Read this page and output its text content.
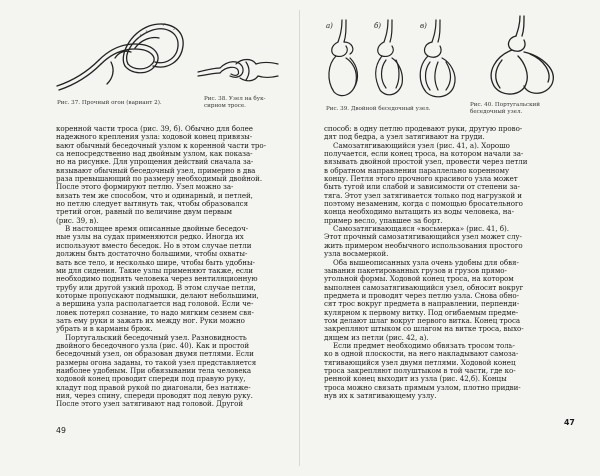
Рис. 37. Прочный огон (вариант 2).
Рис. 38. Узел на бук-сирном тросе.
коренной части троса (рис. 39, б). Обычно для более
надежного крепления узла: ходовой конец привязы-
вают обычный беседочный узлом к коренной части тро-
са непосредственно над двойным узлом, как показа-
но на рисунке. Для упрощения действий сначала за-
вязывают обычный беседочный узел, примерно в два
раза превышающий по размеру необходимый двойной.
После этого формируют петлю. Узел можно за-
вязать тем же способом, что и одинарный, и петлей,
но петлю следует вытянуть так, чтобы образовался
третий огон, равный по величине двум первым
(рис. 39, в).
В настоящее время описанные двойные беседоч-
ные узлы на судах применяются редко. Иногда их
используют вместо беседок. Но в этом случае петли
должны быть достаточно большими, чтобы охваты-
вать все тело, и несколько шире, чтобы быть удобны-
ми для сидения. Такие узлы применяют также, если
необходимо поднять человека через вентиляционную
трубу или другой узкий проход. В этом случае петли,
которые пропускают подмышки, делают небольшими,
а вершина узла располагается над головой. Если че-
ловек потерял сознание, то надо мягким сезнем свя-
зать ему руки и зажать их между ног. Руки можно
убрать и в карманы брюк.
Португальский беседочный узел. Разновидность
двойного беседочного узла (рис. 40). Как и простой
беседочный узел, он образован двумя петлями. Если
размеры огона заданы, то такой узел представляется
наиболее удобным. При обвязывании тела человека
ходовой конец проводит спереди под правую руку,
кладут под правой рукой по диагонали, без натяже-
ния, через спину, спереди проводят под левую руку.
После этого узел затягивают над головой. Другой
49
а)	б)	в)
Рис. 39. Двойной беседочный узел.
Рис. 40. Португальский беседочный узел.
способ: в одну петлю продевают руки, другую прово-
дят под бедра, а узел затягивают на груди.
Самозатягивающийся узел (рис. 41, а). Хорошо
получается, если конец троса, на котором начали за-
вязывать двойной простой узел, провести через петли
в обратном направлении параллельно коренному
концу. Петля этого прочного красивого узла может
быть тугой или слабой и зависимости от степени за-
тяга. Этот узел затягивается только под нагрузкой и
поэтому незаменим, когда с помощью бросательного
конца необходимо вытащить из воды человека, на-
пример весло, упавшее за борт.
Самозатягивающаяся «восьмерка» (рис. 41, б).
Этот прочный самозатягивающийся узел может слу-
жить примером необычного использования простого
узла восьмеркой.
Оба вышеописанных узла очень удобны для обвя-
зывания пакетированных грузов и грузов прямо-
угольной формы. Ходовой конец троса, на котором
выполнен самозатягивающийся узел, обносят вокруг
предмета и проводят через петлю узла. Снова обно-
сят трос вокруг предмета в направлении, перпенди-
кулярном к первому витку. Под огибаемым предме-
том делают шлаг вокруг первого витка. Конец троса
закрепляют штыком со шлагом на витке троса, выхо-
дящем из петли (рис. 42, а).
Если предмет необходимо обвязать тросом толь-
ко в одной плоскости, на него накладывают самоза-
тягивающийся узел двумя петлями. Ходовой конец
троса закрепляют полуштыком в той части, где ко-
ренной конец выходит из узла (рис. 42,б). Концы
троса можно связать прямым узлом, плотно придви-
нув их к затягивающему узлу.
47
